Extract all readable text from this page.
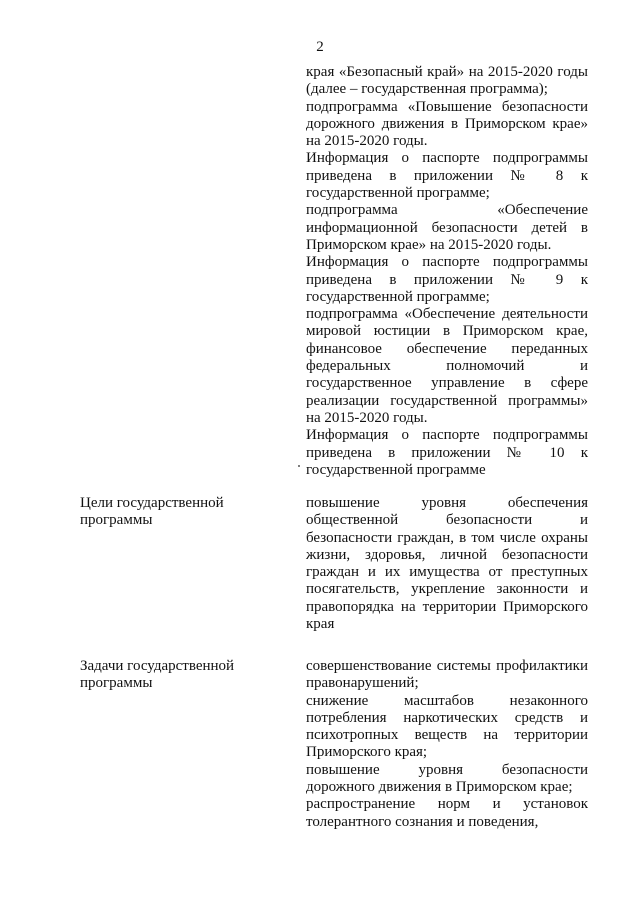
2

края «Безопасный край» на 2015-2020 годы (далее – государственная программа);

подпрограмма «Повышение безопасности дорожного движения в Приморском крае» на 2015-2020 годы.

Информация о паспорте подпрограммы приведена в приложении № 8 к государственной программе;

подпрограмма «Обеспечение информационной безопасности детей в Приморском крае» на 2015-2020 годы.

Информация о паспорте подпрограммы приведена в приложении № 9 к государственной программе;

подпрограмма «Обеспечение деятельности мировой юстиции в Приморском крае, финансовое обеспечение переданных федеральных полномочий и государственное управление в сфере реализации государственной программы» на 2015-2020 годы.

Информация о паспорте подпрограммы приведена в приложении № 10 к государственной программе

Цели государственной программы

повышение уровня обеспечения общественной безопасности и безопасности граждан, в том числе охраны жизни, здоровья, личной безопасности граждан и их имущества от преступных посягательств, укрепление законности и правопорядка на территории Приморского края

Задачи государственной программы

совершенствование системы профилактики правонарушений;

снижение масштабов незаконного потребления наркотических средств и психотропных веществ на территории Приморского края;

повышение уровня безопасности дорожного движения в Приморском крае;

распространение норм и установок толерантного сознания и поведения,
